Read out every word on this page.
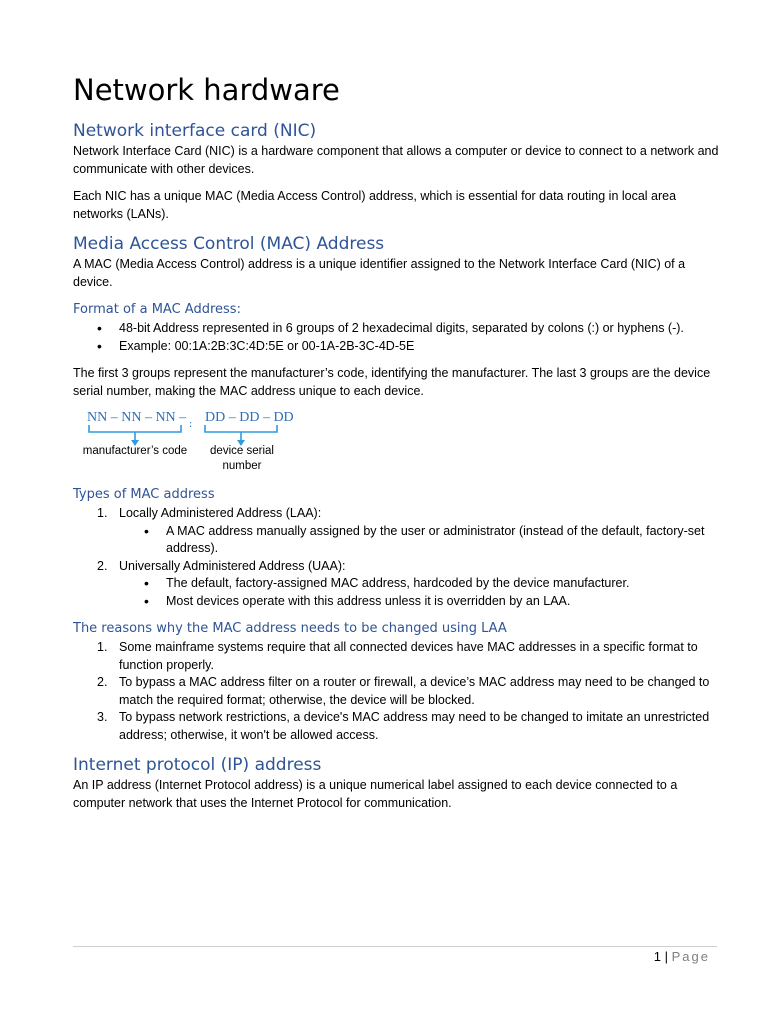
Network hardware
Network interface card (NIC)

Network Interface Card (NIC) is a hardware component that allows a computer or device to connect to a network and communicate with other devices.

Each NIC has a unique MAC (Media Access Control) address, which is essential for data routing in local area networks (LANs).

Media Access Control (MAC) Address

A MAC (Media Access Control) address is a unique identifier assigned to the Network Interface Card (NIC) of a device.

Format of a MAC Address:
• 48-bit Address represented in 6 groups of 2 hexadecimal digits, separated by colons (:) or hyphens (-).
• Example: 00:1A:2B:3C:4D:5E or 00-1A-2B-3C-4D-5E

The first 3 groups represent the manufacturer’s code, identifying the manufacturer. The last 3 groups are the device serial number, making the MAC address unique to each device.

NN – NN – NN – : DD – DD – DD
manufacturer’s code	device serial number
Types of MAC address
1. Locally Administered Address (LAA):
• A MAC address manually assigned by the user or administrator (instead of the default, factory-set address).
2. Universally Administered Address (UAA):
• The default, factory-assigned MAC address, hardcoded by the device manufacturer.
• Most devices operate with this address unless it is overridden by an LAA.
The reasons why the MAC address needs to be changed using LAA
1. Some mainframe systems require that all connected devices have MAC addresses in a specific format to function properly.
2. To bypass a MAC address filter on a router or firewall, a device’s MAC address may need to be changed to match the required format; otherwise, the device will be blocked.
3. To bypass network restrictions, a device's MAC address may need to be changed to imitate an unrestricted address; otherwise, it won't be allowed access.
Internet protocol (IP) address

An IP address (Internet Protocol address) is a unique numerical label assigned to each device connected to a computer network that uses the Internet Protocol for communication.

1 | Page
